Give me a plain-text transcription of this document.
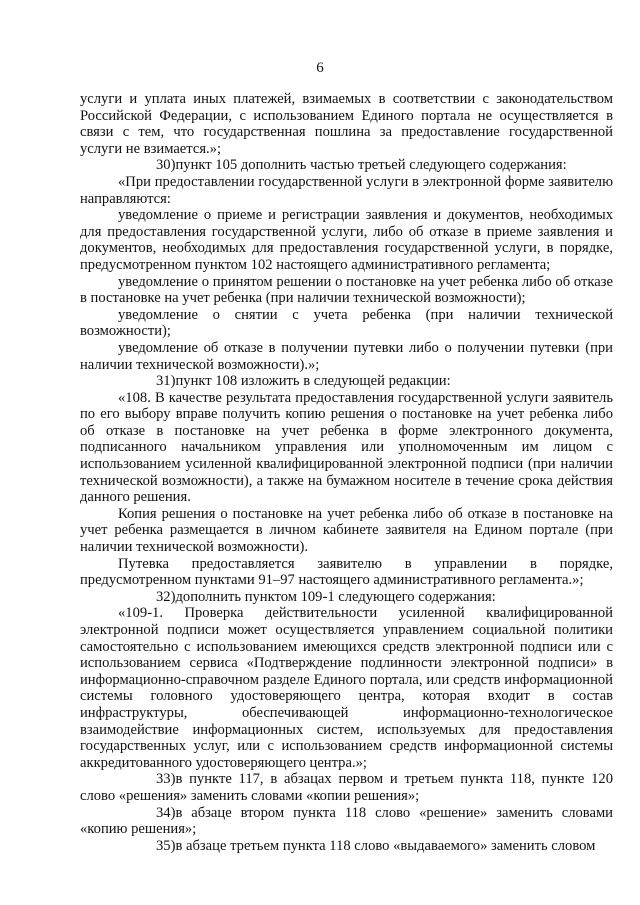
6

услуги и уплата иных платежей, взимаемых в соответствии с законодательством Российской Федерации, с использованием Единого портала не осуществляется в связи с тем, что государственная пошлина за предоставление государственной услуги не взимается.»;

30)пункт 105 дополнить частью третьей следующего содержания:

«При предоставлении государственной услуги в электронной форме заявителю направляются:

уведомление о приеме и регистрации заявления и документов, необходимых для предоставления государственной услуги, либо об отказе в приеме заявления и документов, необходимых для предоставления государственной услуги, в порядке, предусмотренном пунктом 102 настоящего административного регламента;

уведомление о принятом решении о постановке на учет ребенка либо об отказе в постановке на учет ребенка (при наличии технической возможности);

уведомление о снятии с учета ребенка (при наличии технической возможности);

уведомление об отказе в получении путевки либо о получении путевки (при наличии технической возможности).»;

31)пункт 108 изложить в следующей редакции:

«108. В качестве результата предоставления государственной услуги заявитель по его выбору вправе получить копию решения о постановке на учет ребенка либо об отказе в постановке на учет ребенка в форме электронного документа, подписанного начальником управления или уполномоченным им лицом с использованием усиленной квалифицированной электронной подписи (при наличии технической возможности), а также на бумажном носителе в течение срока действия данного решения.

Копия решения о постановке на учет ребенка либо об отказе в постановке на учет ребенка размещается в личном кабинете заявителя на Едином портале (при наличии технической возможности).

Путевка предоставляется заявителю в управлении в порядке, предусмотренном пунктами 91–97 настоящего административного регламента.»;

32)дополнить пунктом 109-1 следующего содержания:

«109-1. Проверка действительности усиленной квалифицированной электронной подписи может осуществляется управлением социальной политики самостоятельно с использованием имеющихся средств электронной подписи или с использованием сервиса «Подтверждение подлинности электронной подписи» в информационно-справочном разделе Единого портала, или средств информационной системы головного удостоверяющего центра, которая входит в состав инфраструктуры, обеспечивающей информационно-технологическое взаимодействие информационных систем, используемых для предоставления государственных услуг, или с использованием средств информационной системы аккредитованного удостоверяющего центра.»;

33)в пункте 117, в абзацах первом и третьем пункта 118, пункте 120 слово «решения» заменить словами «копии решения»;

34)в абзаце втором пункта 118 слово «решение» заменить словами «копию решения»;

35)в абзаце третьем пункта 118 слово «выдаваемого» заменить словом
